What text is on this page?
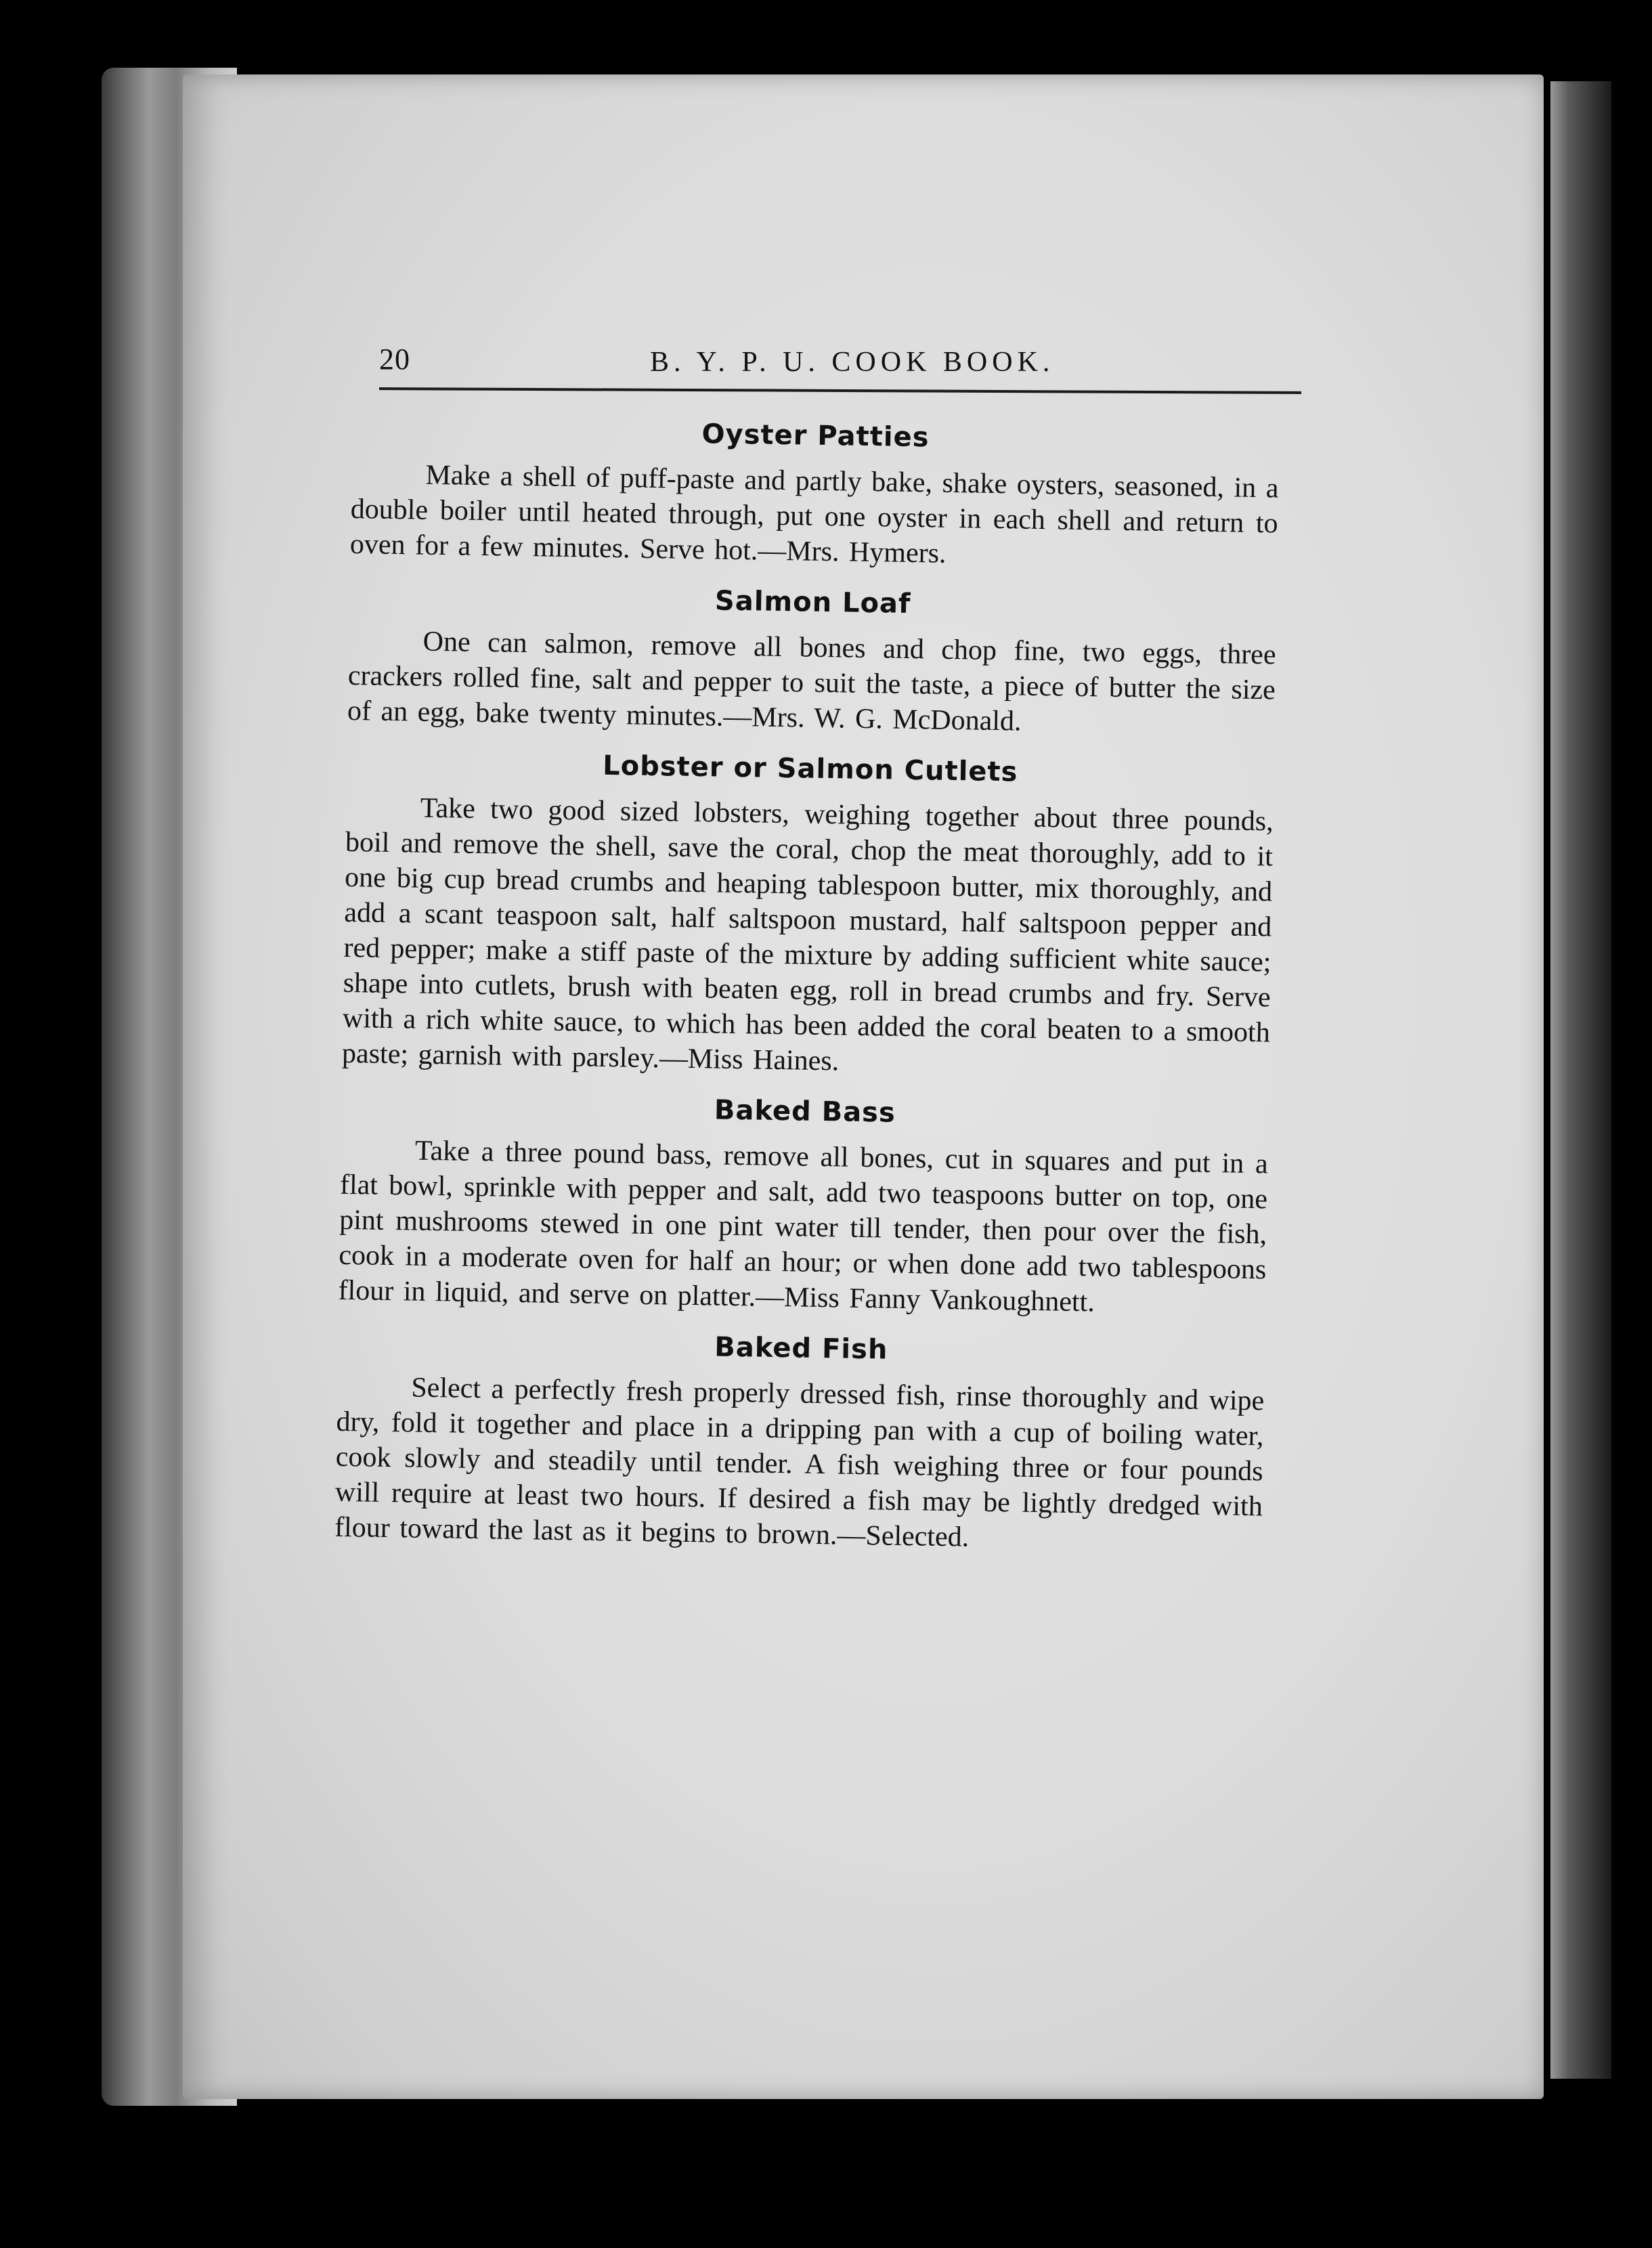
20	B. Y. P. U. COOK BOOK.
Oyster Patties

Make a shell of puff-paste and partly bake, shake oysters, seasoned, in a double boiler until heated through, put one oyster in each shell and return to oven for a few minutes. Serve hot.—Mrs. Hymers.

Salmon Loaf

One can salmon, remove all bones and chop fine, two eggs, three crackers rolled fine, salt and pepper to suit the taste, a piece of butter the size of an egg, bake twenty minutes.—Mrs. W. G. McDonald.

Lobster or Salmon Cutlets

Take two good sized lobsters, weighing together about three pounds, boil and remove the shell, save the coral, chop the meat thoroughly, add to it one big cup bread crumbs and heaping tablespoon butter, mix thoroughly, and add a scant teaspoon salt, half saltspoon mustard, half saltspoon pepper and red pepper; make a stiff paste of the mixture by adding sufficient white sauce; shape into cutlets, brush with beaten egg, roll in bread crumbs and fry. Serve with a rich white sauce, to which has been added the coral beaten to a smooth paste; garnish with parsley.—Miss Haines.

Baked Bass

Take a three pound bass, remove all bones, cut in squares and put in a flat bowl, sprinkle with pepper and salt, add two teaspoons butter on top, one pint mushrooms stewed in one pint water till tender, then pour over the fish, cook in a moderate oven for half an hour; or when done add two tablespoons flour in liquid, and serve on platter.—Miss Fanny Vankoughnett.

Baked Fish

Select a perfectly fresh properly dressed fish, rinse thoroughly and wipe dry, fold it together and place in a dripping pan with a cup of boiling water, cook slowly and steadily until tender. A fish weighing three or four pounds will require at least two hours. If desired a fish may be lightly dredged with flour toward the last as it begins to brown.—Selected.
